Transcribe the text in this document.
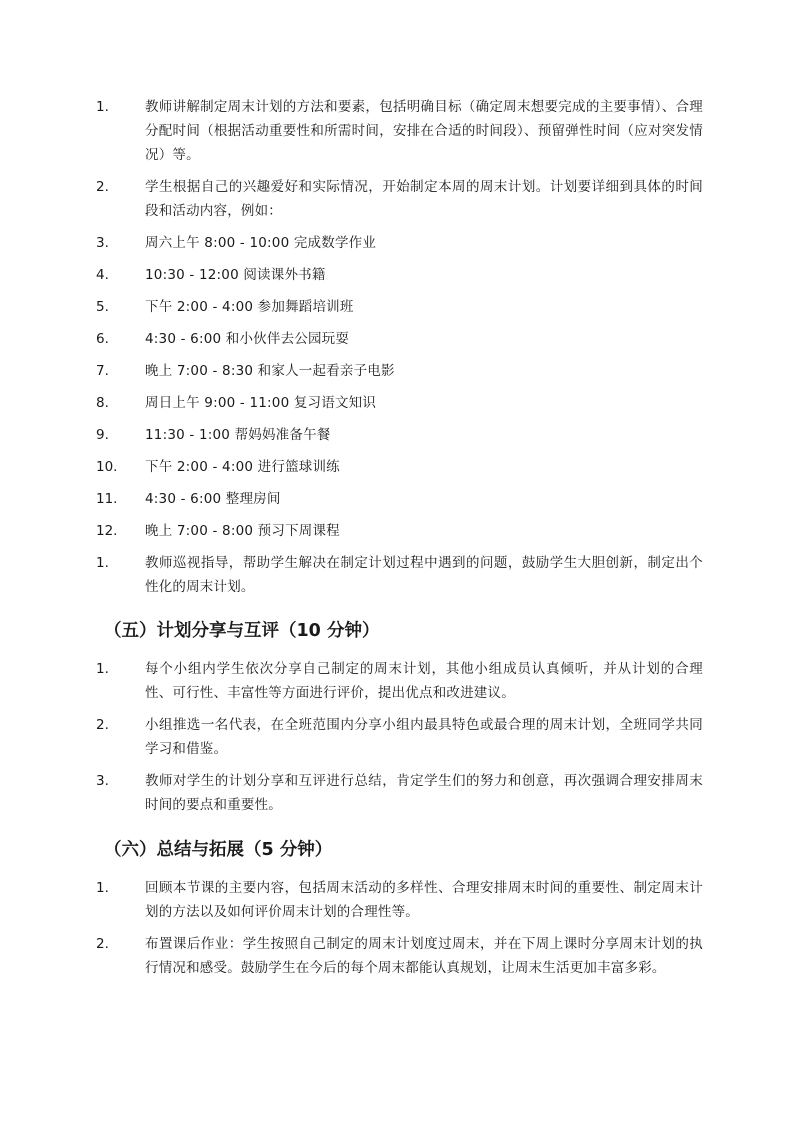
1.	教师讲解制定周末计划的方法和要素，包括明确目标（确定周末想要完成的主要事情）、合理分配时间（根据活动重要性和所需时间，安排在合适的时间段）、预留弹性时间（应对突发情况）等。
2.	学生根据自己的兴趣爱好和实际情况，开始制定本周的周末计划。计划要详细到具体的时间段和活动内容，例如：
3.	周六上午 8:00 - 10:00 完成数学作业
4.	10:30 - 12:00 阅读课外书籍
5.	下午 2:00 - 4:00 参加舞蹈培训班
6.	4:30 - 6:00 和小伙伴去公园玩耍
7.	晚上 7:00 - 8:30 和家人一起看亲子电影
8.	周日上午 9:00 - 11:00 复习语文知识
9.	11:30 - 1:00 帮妈妈准备午餐
10. 下午 2:00 - 4:00 进行篮球训练
11. 4:30 - 6:00 整理房间
12. 晚上 7:00 - 8:00 预习下周课程
1.	教师巡视指导，帮助学生解决在制定计划过程中遇到的问题，鼓励学生大胆创新，制定出个性化的周末计划。
（五）计划分享与互评（10 分钟）
1.	每个小组内学生依次分享自己制定的周末计划，其他小组成员认真倾听，并从计划的合理性、可行性、丰富性等方面进行评价，提出优点和改进建议。
2.	小组推选一名代表，在全班范围内分享小组内最具特色或最合理的周末计划，全班同学共同学习和借鉴。
3.	教师对学生的计划分享和互评进行总结，肯定学生们的努力和创意，再次强调合理安排周末时间的要点和重要性。
（六）总结与拓展（5 分钟）
1.	回顾本节课的主要内容，包括周末活动的多样性、合理安排周末时间的重要性、制定周末计划的方法以及如何评价周末计划的合理性等。
2.	布置课后作业：学生按照自己制定的周末计划度过周末，并在下周上课时分享周末计划的执行情况和感受。鼓励学生在今后的每个周末都能认真规划，让周末生活更加丰富多彩。
